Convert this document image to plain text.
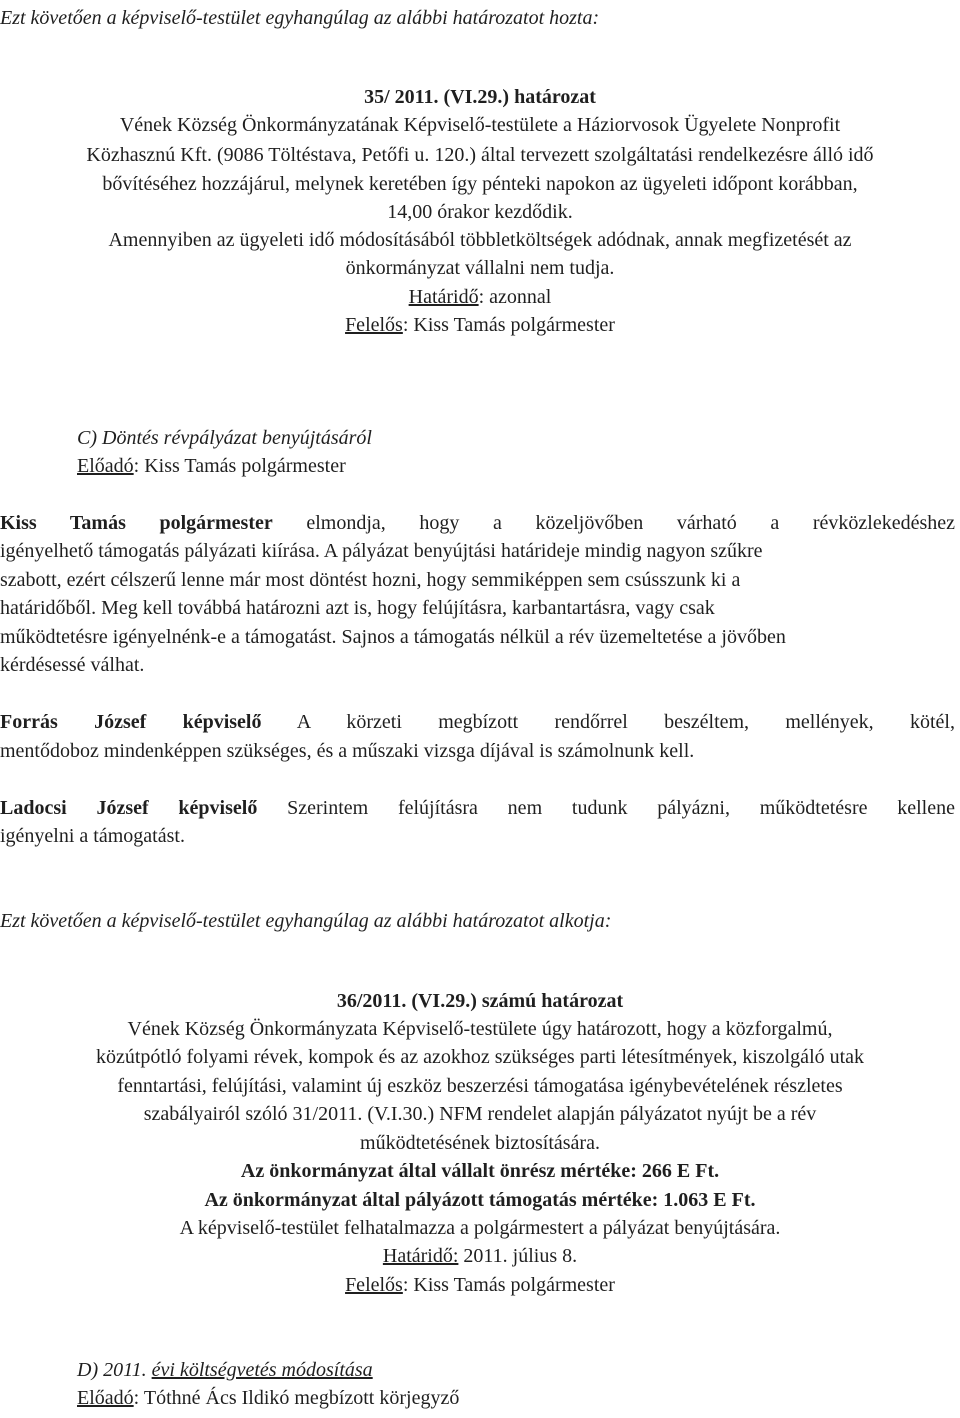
Ezt követően a képviselő-testület egyhangúlag az alábbi határozatot hozta:
35/ 2011. (VI.29.) határozat
Vének Község Önkormányzatának Képviselő-testülete a Háziorvosok Ügyelete Nonprofit
Közhasznú Kft. (9086 Töltéstava, Petőfi u. 120.) által tervezett szolgáltatási rendelkezésre álló idő
bővítéséhez hozzájárul, melynek keretében így pénteki napokon az ügyeleti időpont korábban,
14,00 órakor kezdődik.
Amennyiben az ügyeleti idő módosításából többletköltségek adódnak, annak megfizetését az
önkormányzat vállalni nem tudja.
Határidő: azonnal
Felelős: Kiss Tamás polgármester
C) Döntés révpályázat benyújtásáról
Előadó: Kiss Tamás polgármester
Kiss Tamás polgármester elmondja, hogy a közeljövőben várható a révközlekedéshez
igényelhető támogatás pályázati kiírása. A pályázat benyújtási határideje mindig nagyon szűkre
szabott, ezért célszerű lenne már most döntést hozni, hogy semmiképpen sem csússzunk ki a
határidőből. Meg kell továbbá határozni azt is, hogy felújításra, karbantartásra, vagy csak
működtetésre igényelnénk-e a támogatást. Sajnos a támogatás nélkül a rév üzemeltetése a jövőben
kérdésessé válhat.
Forrás József képviselő A körzeti megbízott rendőrrel beszéltem, mellények, kötél,
mentődoboz mindenképpen szükséges, és a műszaki vizsga díjával is számolnunk kell.
Ladocsi József képviselő Szerintem felújításra nem tudunk pályázni, működtetésre kellene
igényelni a támogatást.
Ezt követően a képviselő-testület egyhangúlag az alábbi határozatot alkotja:
36/2011. (VI.29.) számú határozat
Vének Község Önkormányzata Képviselő-testülete úgy határozott, hogy a közforgalmú,
közútpótló folyami révek, kompok és az azokhoz szükséges parti létesítmények, kiszolgáló utak
fenntartási, felújítási, valamint új eszköz beszerzési támogatása igénybevételének részletes
szabályairól szóló 31/2011. (V.I.30.) NFM rendelet alapján pályázatot nyújt be a rév
működtetésének biztosítására.
Az önkormányzat által vállalt önrész mértéke: 266 E Ft.
Az önkormányzat által pályázott támogatás mértéke: 1.063 E Ft.
A képviselő-testület felhatalmazza a polgármestert a pályázat benyújtására.
Határidő: 2011. július 8.
Felelős: Kiss Tamás polgármester
D) 2011. évi költségvetés módosítása
Előadó: Tóthné Ács Ildikó megbízott körjegyző
